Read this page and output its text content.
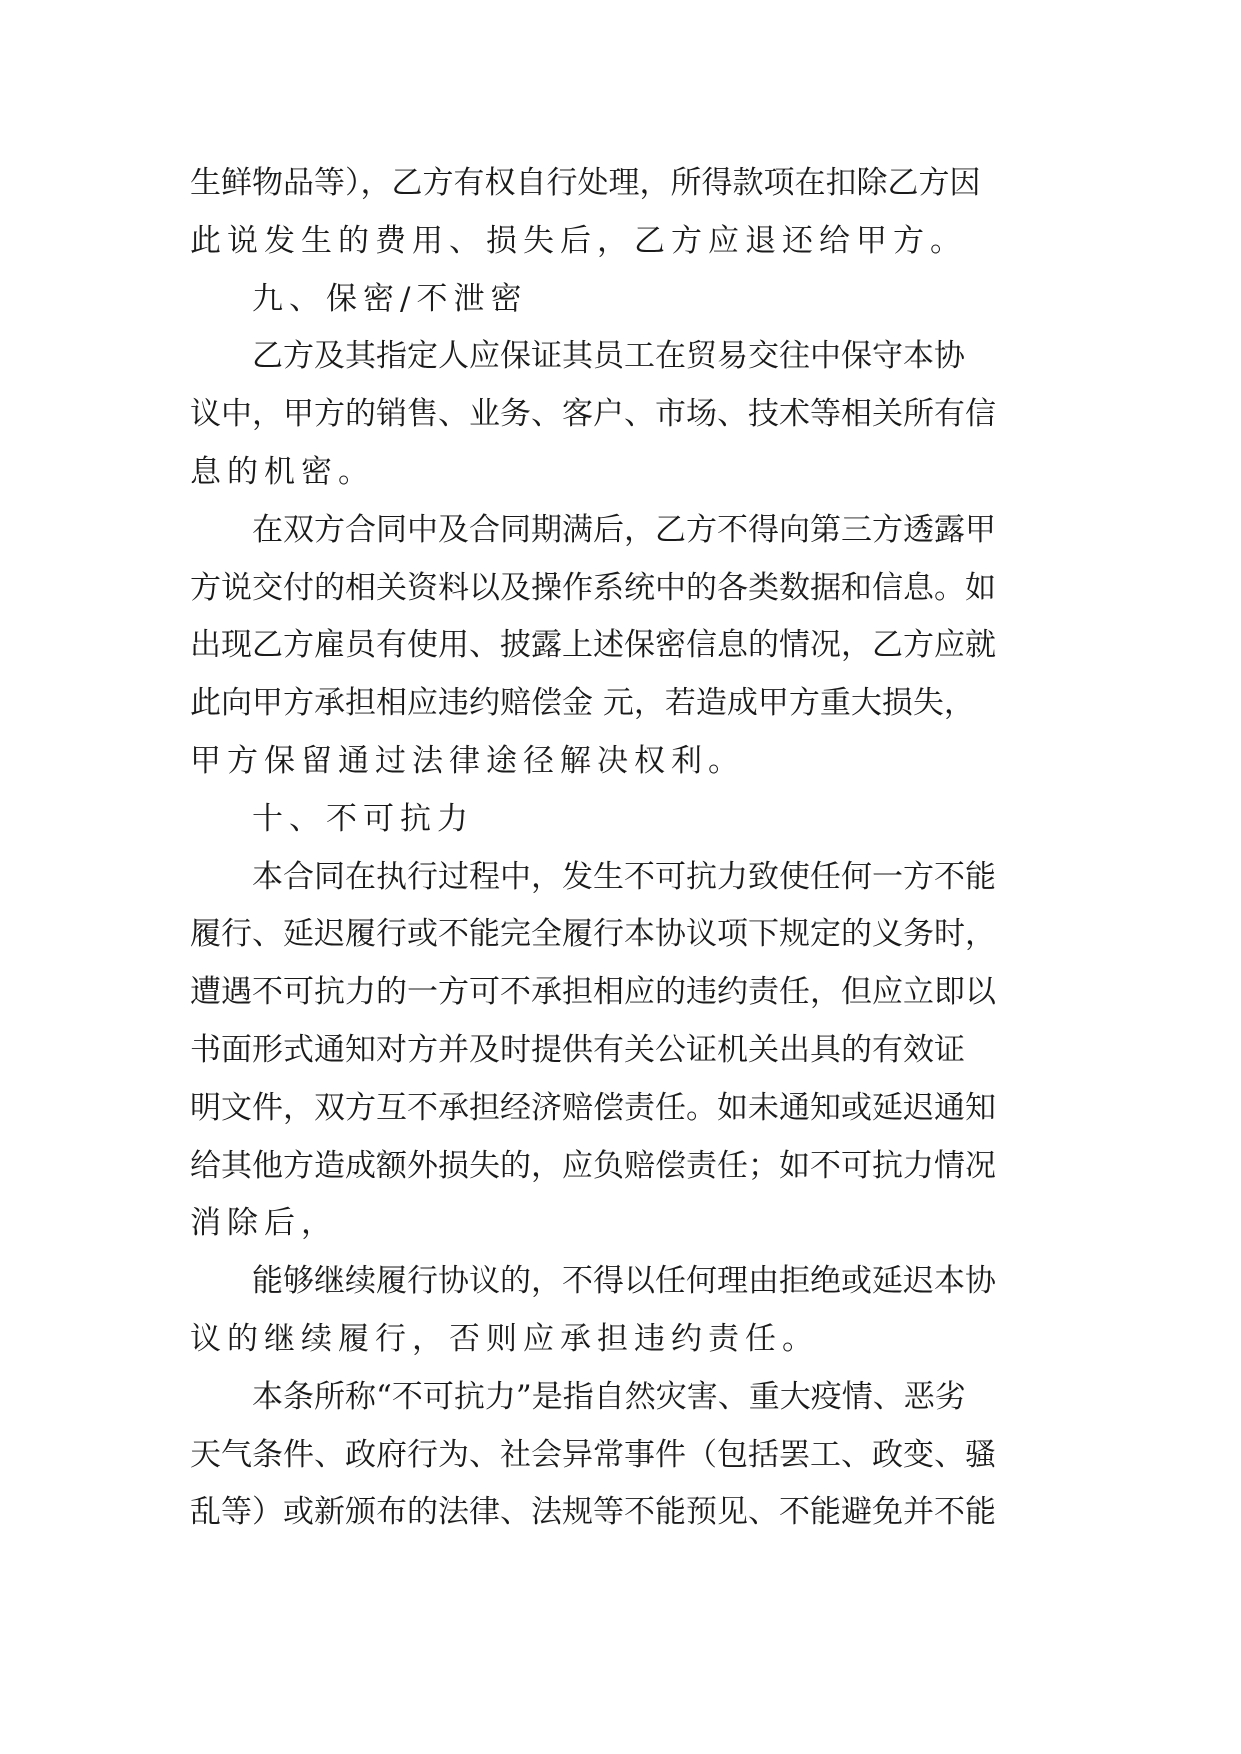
生鲜物品等），乙方有权自行处理，所得款项在扣除乙方因
此说发生的费用、损失后，乙方应退还给甲方。
九、保密/不泄密
乙方及其指定人应保证其员工在贸易交往中保守本协
议中，甲方的销售、业务、客户、市场、技术等相关所有信
息的机密。
在双方合同中及合同期满后，乙方不得向第三方透露甲
方说交付的相关资料以及操作系统中的各类数据和信息。如
出现乙方雇员有使用、披露上述保密信息的情况，乙方应就
此向甲方承担相应违约赔偿金 元，若造成甲方重大损失，
甲方保留通过法律途径解决权利。
十、不可抗力
本合同在执行过程中，发生不可抗力致使任何一方不能
履行、延迟履行或不能完全履行本协议项下规定的义务时，
遭遇不可抗力的一方可不承担相应的违约责任，但应立即以
书面形式通知对方并及时提供有关公证机关出具的有效证
明文件，双方互不承担经济赔偿责任。如未通知或延迟通知
给其他方造成额外损失的，应负赔偿责任；如不可抗力情况
消除后，
能够继续履行协议的，不得以任何理由拒绝或延迟本协
议的继续履行，否则应承担违约责任。
本条所称“不可抗力”是指自然灾害、重大疫情、恶劣
天气条件、政府行为、社会异常事件（包括罢工、政变、骚
乱等）或新颁布的法律、法规等不能预见、不能避免并不能
